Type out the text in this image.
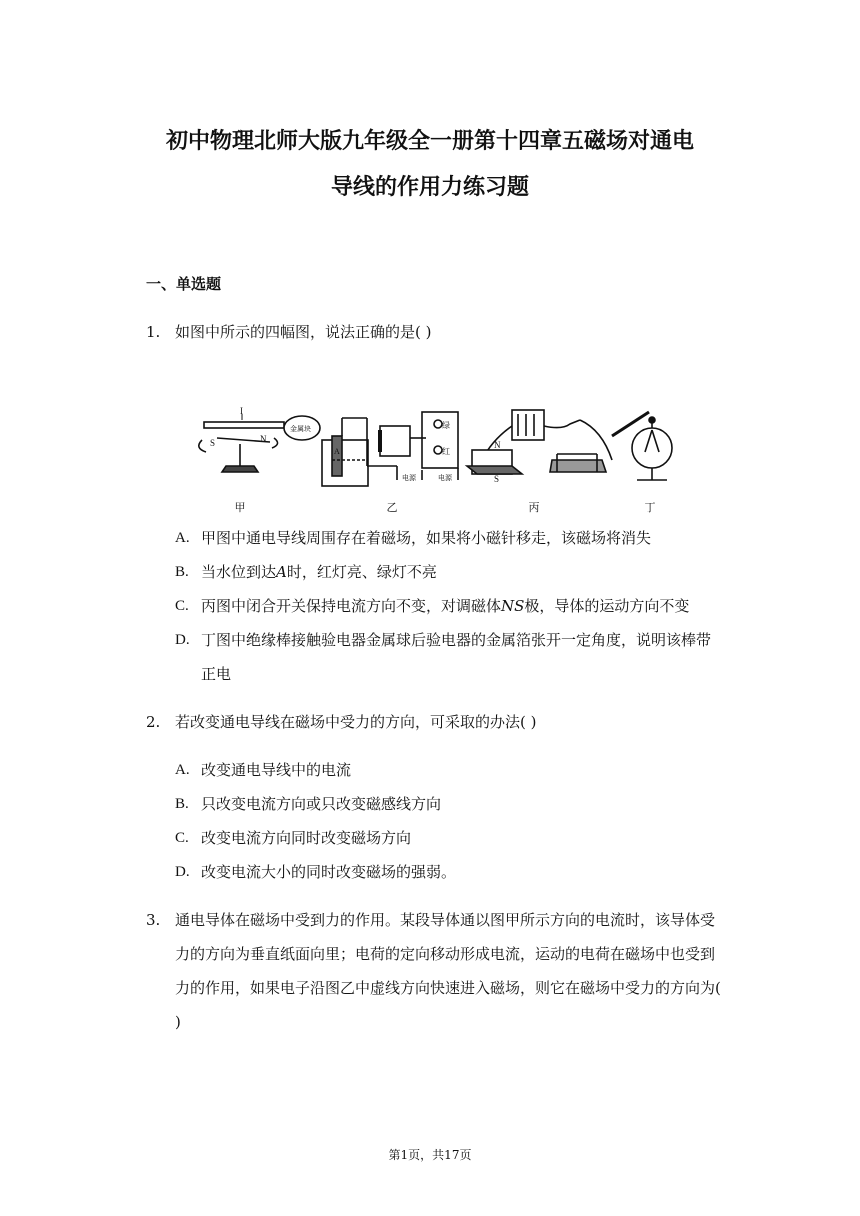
初中物理北师大版九年级全一册第十四章五磁场对通电
导线的作用力练习题
一、单选题
1. 如图中所示的四幅图，说法正确的是( )
I
S	N
金属块
A
绿
红
电源	电源
N
S
甲	乙	丙	丁
A. 甲图中通电导线周围存在着磁场，如果将小磁针移走，该磁场将消失
B. 当水位到达A时，红灯亮、绿灯不亮
C. 丙图中闭合开关保持电流方向不变，对调磁体NS极，导体的运动方向不变
D. 丁图中绝缘棒接触验电器金属球后验电器的金属箔张开一定角度，说明该棒带正电
2. 若改变通电导线在磁场中受力的方向，可采取的办法( )
A. 改变通电导线中的电流
B. 只改变电流方向或只改变磁感线方向
C. 改变电流方向同时改变磁场方向
D. 改变电流大小的同时改变磁场的强弱。
3. 通电导体在磁场中受到力的作用。某段导体通以图甲所示方向的电流时，该导体受力的方向为垂直纸面向里；电荷的定向移动形成电流，运动的电荷在磁场中也受到力的作用，如果电子沿图乙中虚线方向快速进入磁场，则它在磁场中受力的方向为( )
第1页，共17页
